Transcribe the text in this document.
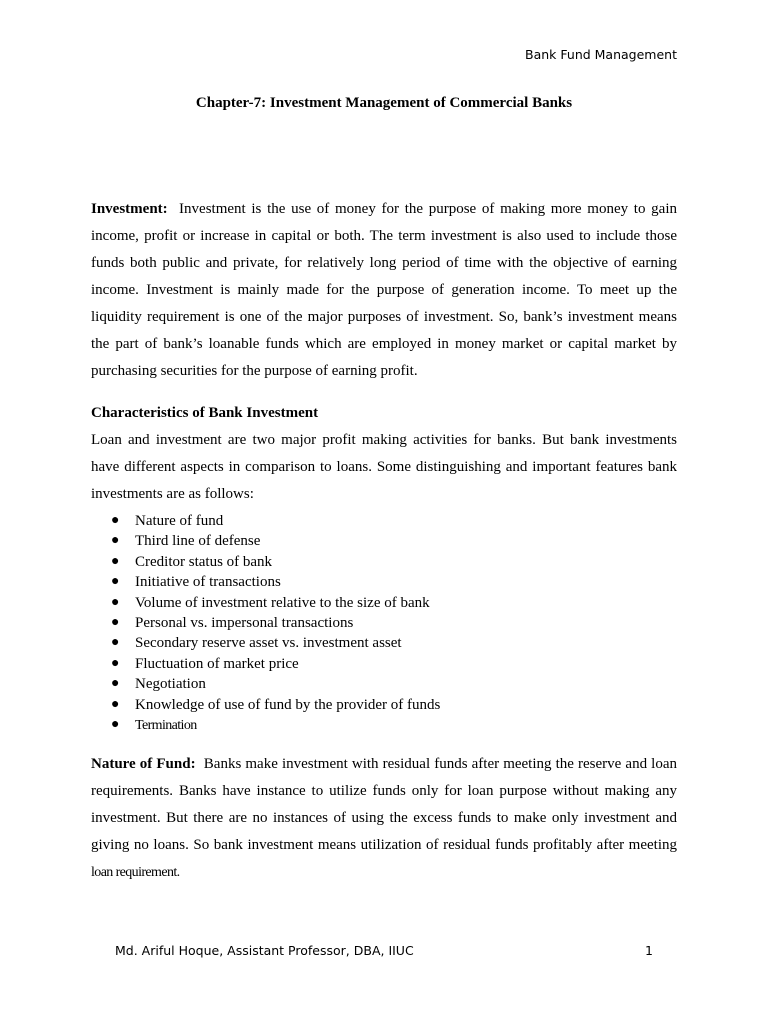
Bank Fund Management
Chapter-7: Investment Management of Commercial Banks

Investment: Investment is the use of money for the purpose of making more money to gain income, profit or increase in capital or both. The term investment is also used to include those funds both public and private, for relatively long period of time with the objective of earning income. Investment is mainly made for the purpose of generation income. To meet up the liquidity requirement is one of the major purposes of investment. So, bank’s investment means the part of bank’s loanable funds which are employed in money market or capital market by purchasing securities for the purpose of earning profit.

Characteristics of Bank Investment

Loan and investment are two major profit making activities for banks. But bank investments have different aspects in comparison to loans. Some distinguishing and important features bank investments are as follows:

● Nature of fund
● Third line of defense
● Creditor status of bank
● Initiative of transactions
● Volume of investment relative to the size of bank
● Personal vs. impersonal transactions
● Secondary reserve asset vs. investment asset
● Fluctuation of market price
● Negotiation
● Knowledge of use of fund by the provider of funds
● Termination

Nature of Fund: Banks make investment with residual funds after meeting the reserve and loan requirements. Banks have instance to utilize funds only for loan purpose without making any investment. But there are no instances of using the excess funds to make only investment and giving no loans. So bank investment means utilization of residual funds profitably after meeting loan requirement.

Md. Ariful Hoque, Assistant Professor, DBA, IIUC	1
